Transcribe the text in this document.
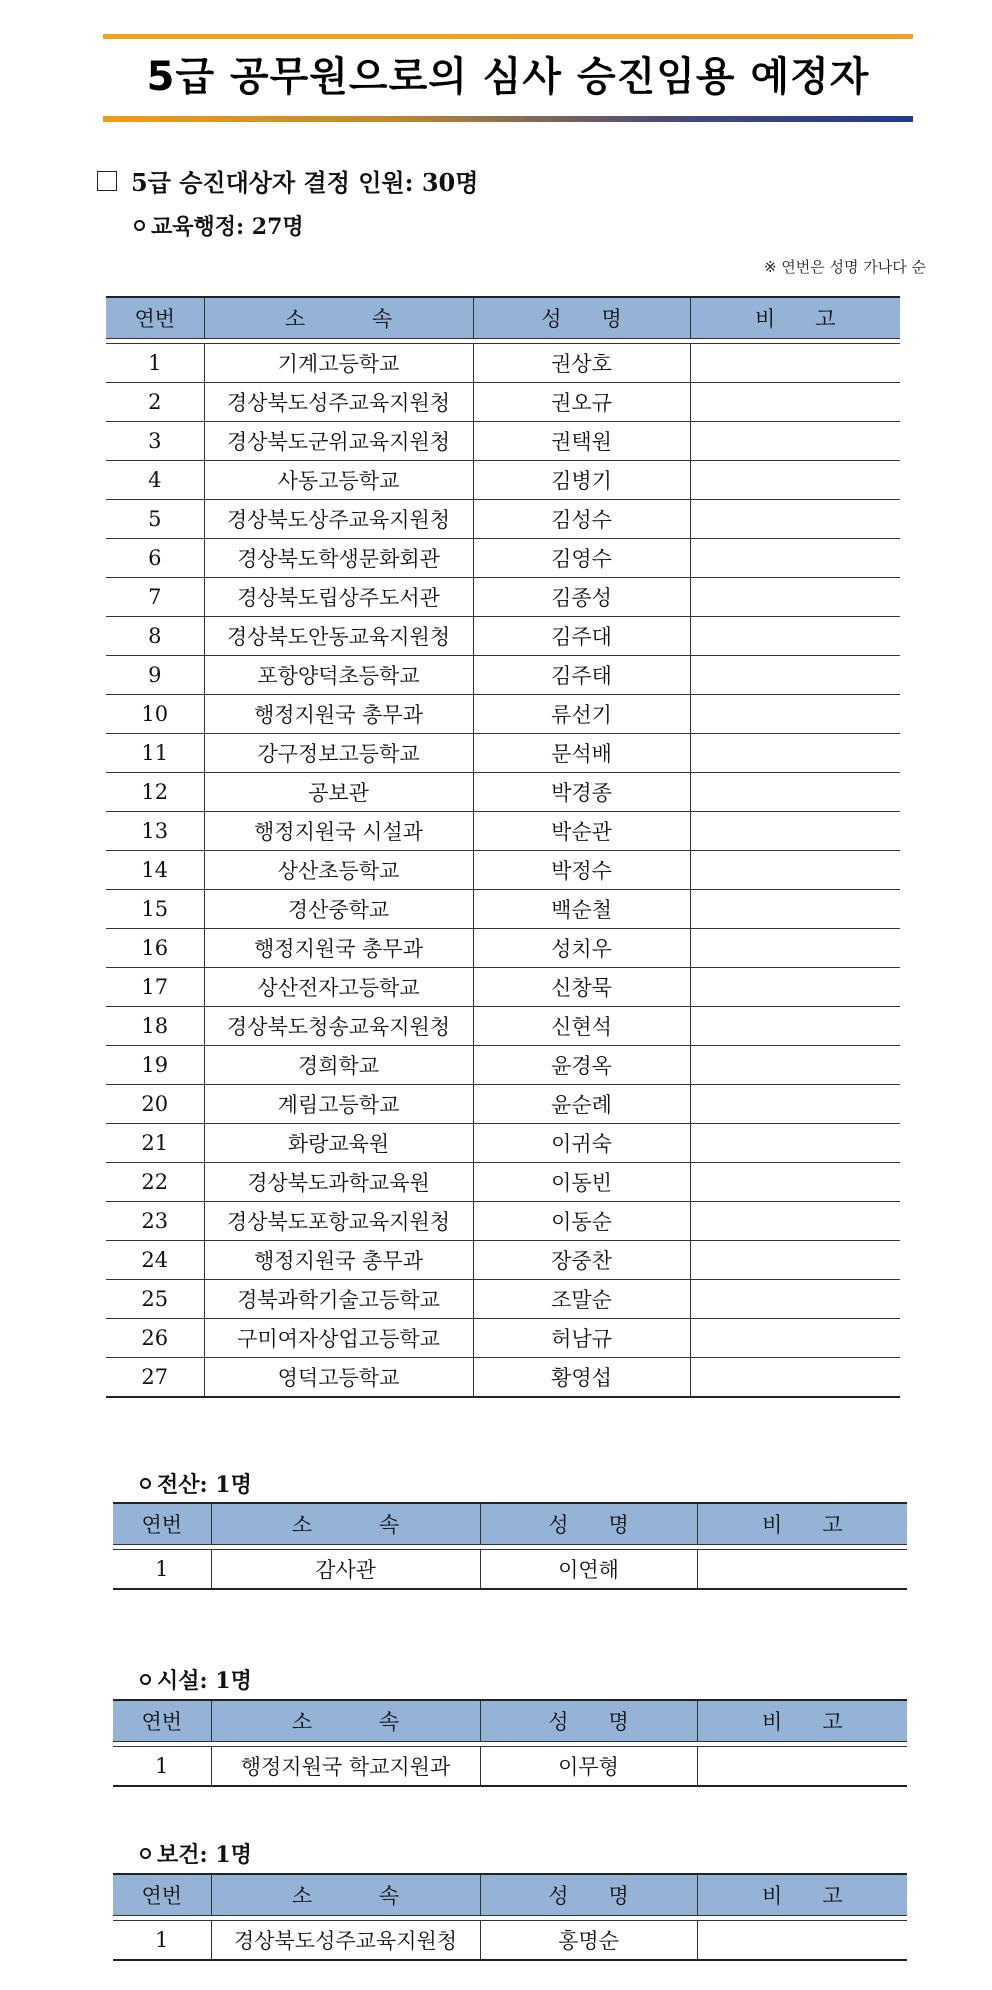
5급 공무원으로의 심사 승진임용 예정자
5급 승진대상자 결정 인원: 30명
교육행정: 27명
※ 연번은 성명 가나다 순
연번	소          속	성      명	비      고

1	기계고등학교	권상호	
2	경상북도성주교육지원청	권오규	
3	경상북도군위교육지원청	권택원	
4	사동고등학교	김병기	
5	경상북도상주교육지원청	김성수	
6	경상북도학생문화회관	김영수	
7	경상북도립상주도서관	김종성	
8	경상북도안동교육지원청	김주대	
9	포항양덕초등학교	김주태	
10	행정지원국 총무과	류선기	
11	강구정보고등학교	문석배	
12	공보관	박경종	
13	행정지원국 시설과	박순관	
14	상산초등학교	박정수	
15	경산중학교	백순철	
16	행정지원국 총무과	성치우	
17	상산전자고등학교	신창묵	
18	경상북도청송교육지원청	신현석	
19	경희학교	윤경옥	
20	계림고등학교	윤순례	
21	화랑교육원	이귀숙	
22	경상북도과학교육원	이동빈	
23	경상북도포항교육지원청	이동순	
24	행정지원국 총무과	장중찬	
25	경북과학기술고등학교	조말순	
26	구미여자상업고등학교	허남규	
27	영덕고등학교	황영섭	
전산: 1명
연번	소          속	성      명	비      고

1	감사관	이연해	
시설: 1명
연번	소          속	성      명	비      고

1	행정지원국 학교지원과	이무형	
보건: 1명
연번	소          속	성      명	비      고

1	경상북도성주교육지원청	홍명순	
